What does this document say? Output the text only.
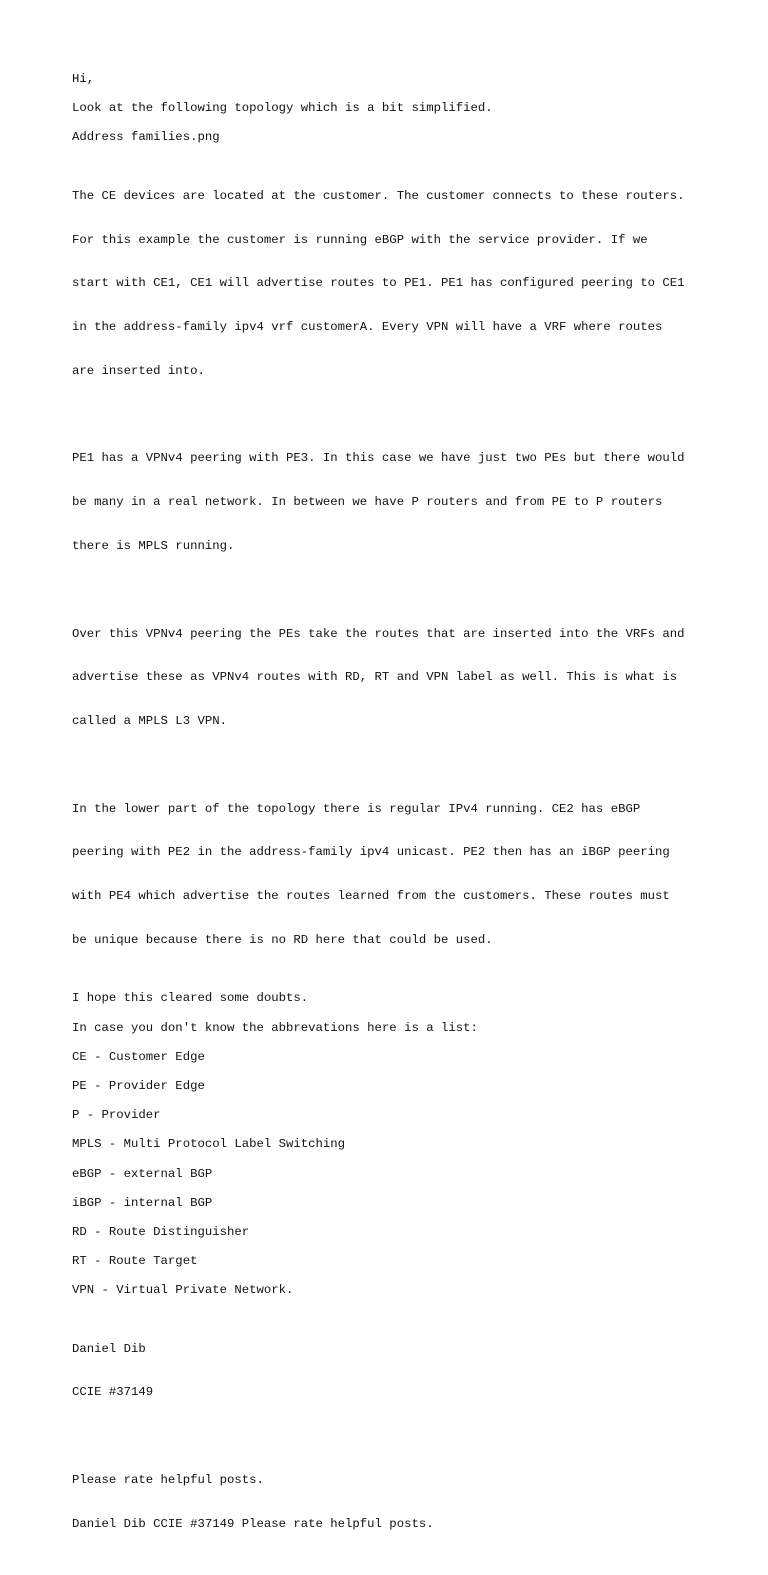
Hi,

Look at the following topology which is a bit simplified.

Address families.png

The CE devices are located at the customer. The customer connects to these routers.

For this example the customer is running eBGP with the service provider. If we

start with CE1, CE1 will advertise routes to PE1. PE1 has configured peering to CE1

in the address-family ipv4 vrf customerA. Every VPN will have a VRF where routes

are inserted into.

PE1 has a VPNv4 peering with PE3. In this case we have just two PEs but there would

be many in a real network. In between we have P routers and from PE to P routers

there is MPLS running.

Over this VPNv4 peering the PEs take the routes that are inserted into the VRFs and

advertise these as VPNv4 routes with RD, RT and VPN label as well. This is what is

called a MPLS L3 VPN.

In the lower part of the topology there is regular IPv4 running. CE2 has eBGP

peering with PE2 in the address-family ipv4 unicast. PE2 then has an iBGP peering

with PE4 which advertise the routes learned from the customers. These routes must

be unique because there is no RD here that could be used.

I hope this cleared some doubts.

In case you don't know the abbrevations here is a list:

CE - Customer Edge

PE - Provider Edge

P - Provider

MPLS - Multi Protocol Label Switching

eBGP - external BGP

iBGP - internal BGP

RD - Route Distinguisher

RT - Route Target

VPN - Virtual Private Network.

Daniel Dib

CCIE #37149

Please rate helpful posts.

Daniel Dib CCIE #37149 Please rate helpful posts.
